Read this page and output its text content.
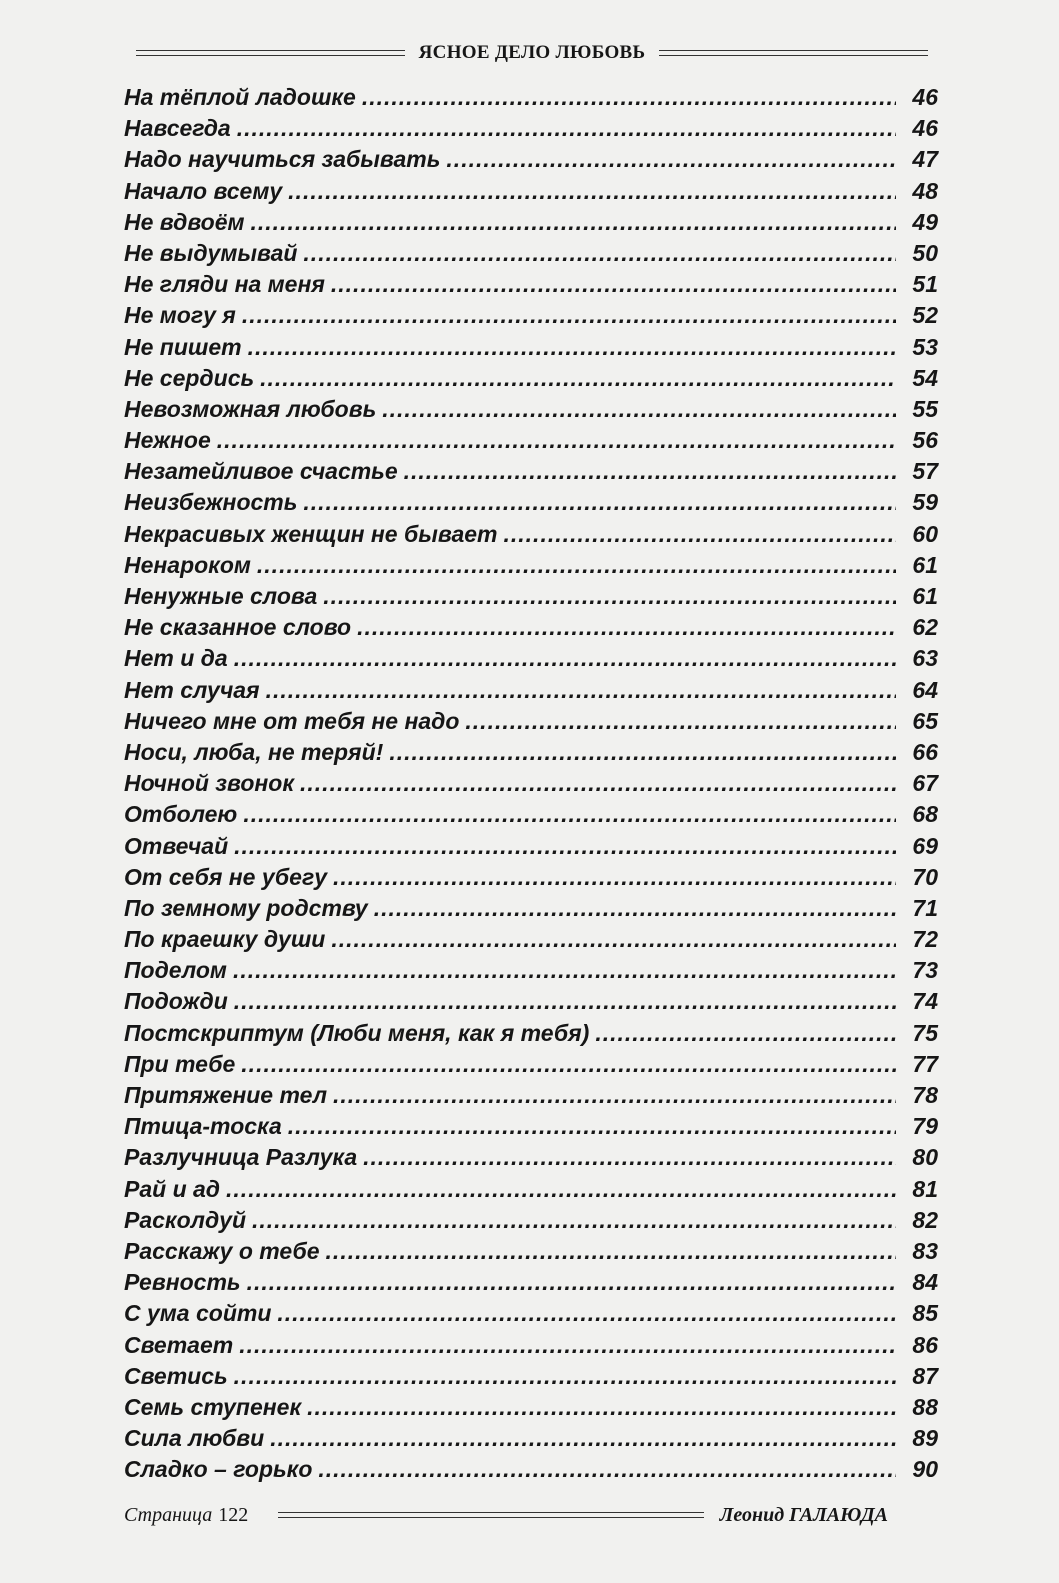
ЯСНОЕ ДЕЛО ЛЮБОВЬ
На тёплой ладошке .....	46
Навсегда .....	46
Надо научиться забывать .....	47
Начало всему .....	48
Не вдвоём .....	49
Не выдумывай .....	50
Не гляди на меня .....	51
Не могу я .....	52
Не пишет .....	53
Не сердись .....	54
Невозможная любовь .....	55
Нежное .....	56
Незатейливое счастье .....	57
Неизбежность .....	59
Некрасивых женщин не бывает .....	60
Ненароком .....	61
Ненужные слова .....	61
Не сказанное слово .....	62
Нет и да .....	63
Нет случая .....	64
Ничего мне от тебя не надо .....	65
Носи, люба, не теряй! .....	66
Ночной звонок .....	67
Отболею .....	68
Отвечай .....	69
От себя не убегу .....	70
По земному родству .....	71
По краешку души .....	72
Поделом .....	73
Подожди .....	74
Постскриптум (Люби меня, как я тебя) .....	75
При тебе .....	77
Притяжение тел .....	78
Птица-тоска .....	79
Разлучница Разлука .....	80
Рай и ад .....	81
Расколдуй .....	82
Расскажу о тебе .....	83
Ревность .....	84
С ума сойти .....	85
Светает .....	86
Светись .....	87
Семь ступенек .....	88
Сила любви .....	89
Сладко – горько .....	90
Страница 122	Леонид ГАЛАЮДА
